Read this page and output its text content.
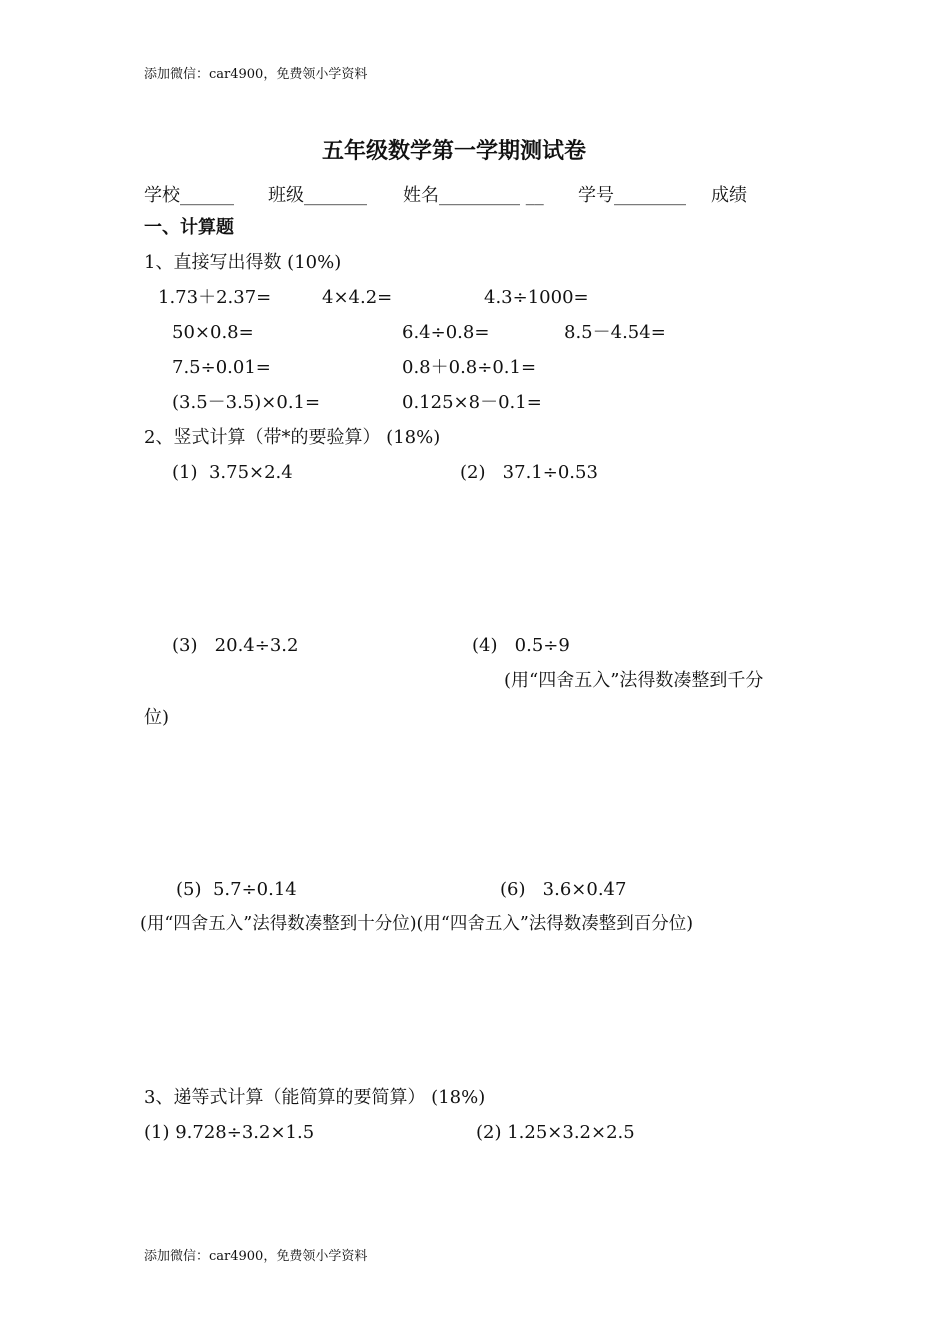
添加微信：car4900，免费领小学资料
五年级数学第一学期测试卷
学校______ 班级_______ 姓名_________ __ 学号________ 成绩
一、计算题
1、直接写出得数 (10%)
1.73＋2.37=	4×4.2=	4.3÷1000=
50×0.8=	6.4÷0.8=	8.5－4.54=
7.5÷0.01=	0.8＋0.8÷0.1=
(3.5－3.5)×0.1=	0.125×8－0.1=
2、竖式计算（带*的要验算） (18%)
(1)  3.75×2.4	(2)   37.1÷0.53
(3)   20.4÷3.2	(4)   0.5÷9
(用“四舍五入”法得数凑整到千分
位)
(5)  5.7÷0.14	(6)   3.6×0.47
(用“四舍五入”法得数凑整到十分位)(用“四舍五入”法得数凑整到百分位)
3、递等式计算（能简算的要简算） (18%)
(1) 9.728÷3.2×1.5	(2) 1.25×3.2×2.5
添加微信：car4900，免费领小学资料
